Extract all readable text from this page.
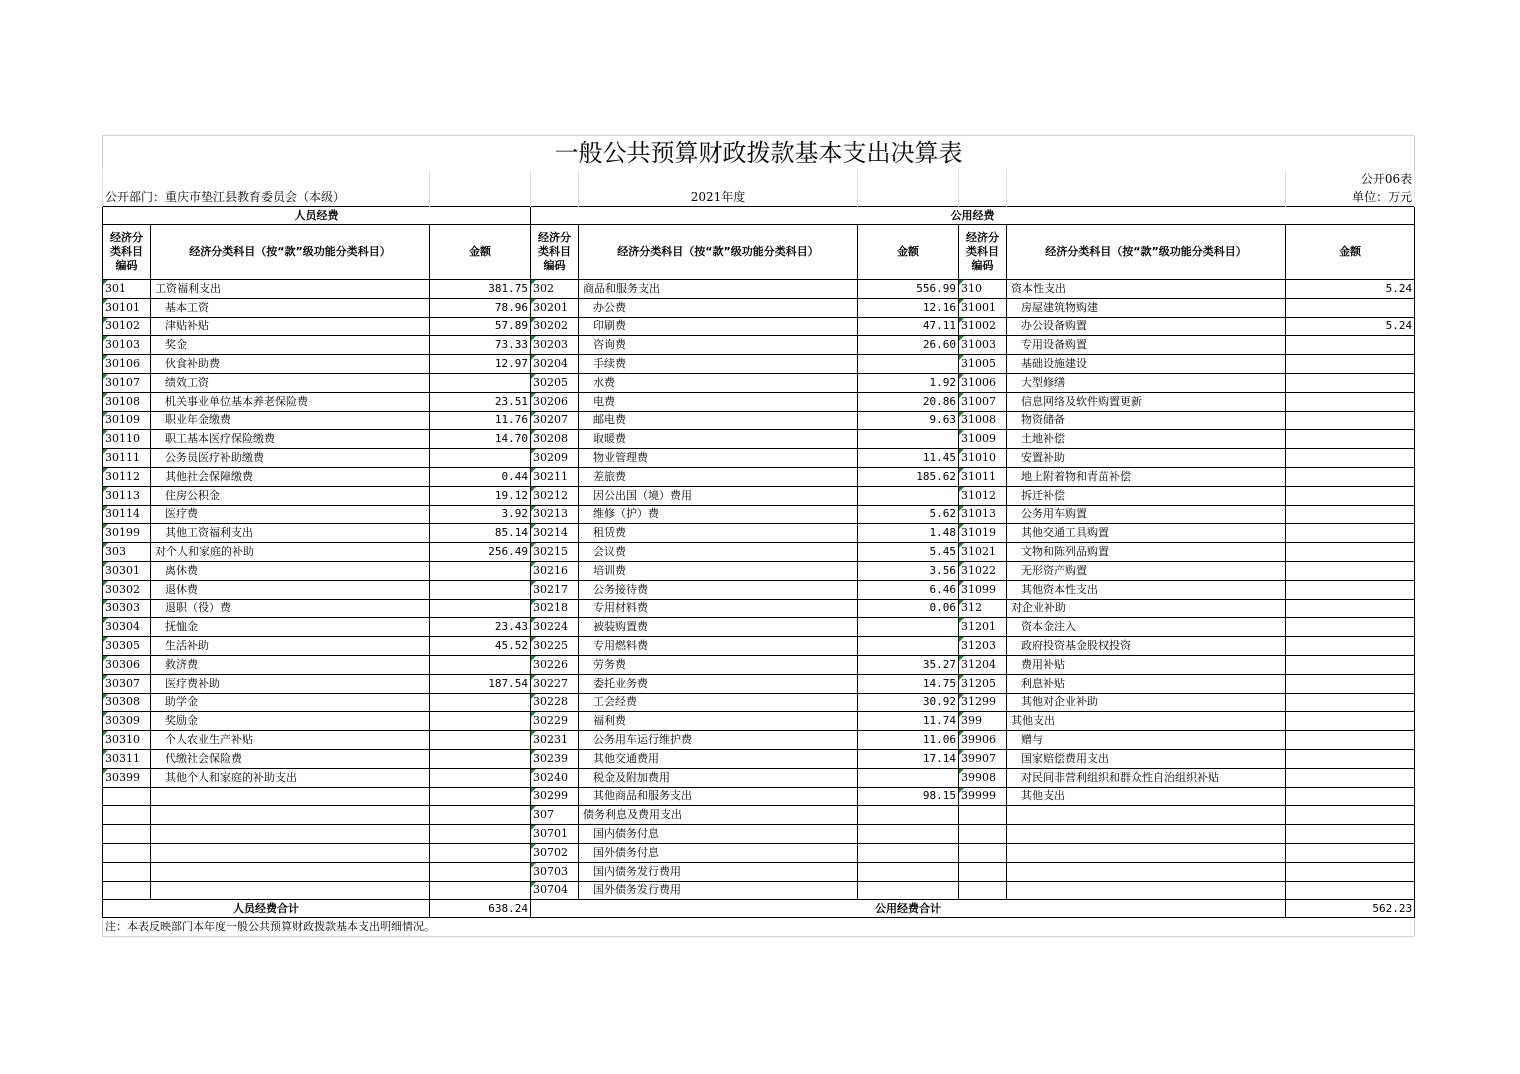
一般公共预算财政拨款基本支出决算表								
								公开06表
公开部门：重庆市垫江县教育委员会（本级）				2021年度				单位：万元
人员经费			公用经费					
经济分类科目编码	经济分类科目（按“款”级功能分类科目）	金额	经济分类科目编码	经济分类科目（按“款”级功能分类科目）	金额	经济分类科目编码	经济分类科目（按“款”级功能分类科目）	金额
301	工资福利支出	381.75	302	商品和服务支出	556.99	310	资本性支出	5.24
30101	基本工资	78.96	30201	办公费	12.16	31001	房屋建筑物购建	
30102	津贴补贴	57.89	30202	印刷费	47.11	31002	办公设备购置	5.24
30103	奖金	73.33	30203	咨询费	26.60	31003	专用设备购置	
30106	伙食补助费	12.97	30204	手续费		31005	基础设施建设	
30107	绩效工资		30205	水费	1.92	31006	大型修缮	
30108	机关事业单位基本养老保险费	23.51	30206	电费	20.86	31007	信息网络及软件购置更新	
30109	职业年金缴费	11.76	30207	邮电费	9.63	31008	物资储备	
30110	职工基本医疗保险缴费	14.70	30208	取暖费		31009	土地补偿	
30111	公务员医疗补助缴费		30209	物业管理费	11.45	31010	安置补助	
30112	其他社会保障缴费	0.44	30211	差旅费	185.62	31011	地上附着物和青苗补偿	
30113	住房公积金	19.12	30212	因公出国（境）费用		31012	拆迁补偿	
30114	医疗费	3.92	30213	维修（护）费	5.62	31013	公务用车购置	
30199	其他工资福利支出	85.14	30214	租赁费	1.48	31019	其他交通工具购置	
303	对个人和家庭的补助	256.49	30215	会议费	5.45	31021	文物和陈列品购置	
30301	离休费		30216	培训费	3.56	31022	无形资产购置	
30302	退休费		30217	公务接待费	6.46	31099	其他资本性支出	
30303	退职（役）费		30218	专用材料费	0.06	312	对企业补助	
30304	抚恤金	23.43	30224	被装购置费		31201	资本金注入	
30305	生活补助	45.52	30225	专用燃料费		31203	政府投资基金股权投资	
30306	救济费		30226	劳务费	35.27	31204	费用补贴	
30307	医疗费补助	187.54	30227	委托业务费	14.75	31205	利息补贴	
30308	助学金		30228	工会经费	30.92	31299	其他对企业补助	
30309	奖励金		30229	福利费	11.74	399	其他支出	
30310	个人农业生产补贴		30231	公务用车运行维护费	11.06	39906	赠与	
30311	代缴社会保险费		30239	其他交通费用	17.14	39907	国家赔偿费用支出	
30399	其他个人和家庭的补助支出		30240	税金及附加费用		39908	对民间非营利组织和群众性自治组织补贴	
			30299	其他商品和服务支出	98.15	39999	其他支出	
			307	债务利息及费用支出				
			30701	国内债务付息				
			30702	国外债务付息				
			30703	国内债务发行费用				
			30704	国外债务发行费用				
人员经费合计		638.24	公用经费合计					562.23
注：本表反映部门本年度一般公共预算财政拨款基本支出明细情况。								
